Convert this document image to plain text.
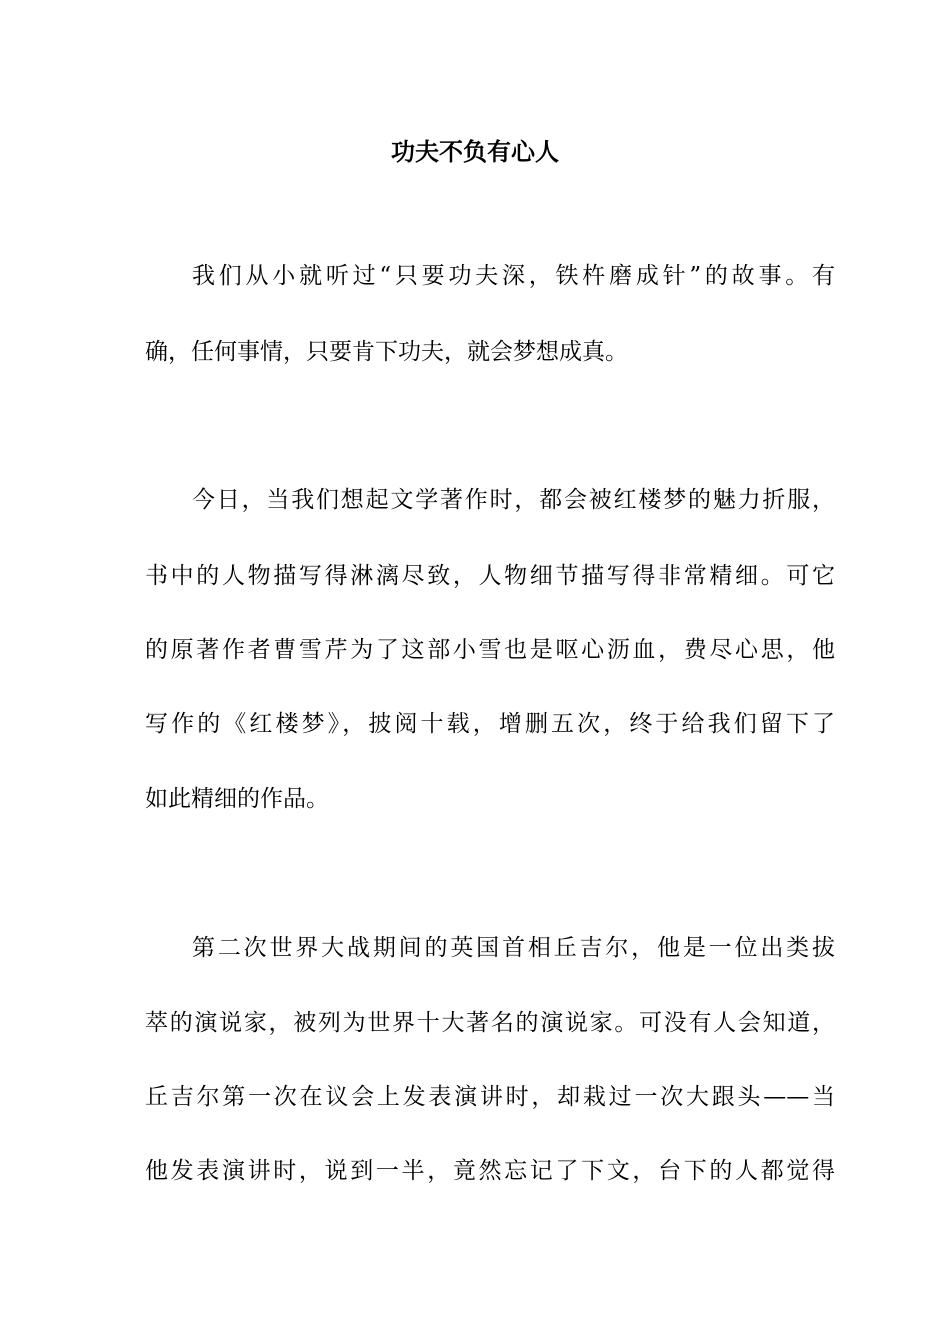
功夫不负有心人
我们从小就听过“只要功夫深，铁杵磨成针”的故事。有
确，任何事情，只要肯下功夫，就会梦想成真。
今日，当我们想起文学著作时，都会被红楼梦的魅力折服，
书中的人物描写得淋漓尽致，人物细节描写得非常精细。可它
的原著作者曹雪芹为了这部小雪也是呕心沥血，费尽心思，他
写作的《红楼梦》，披阅十载，增删五次，终于给我们留下了
如此精细的作品。
第二次世界大战期间的英国首相丘吉尔，他是一位出类拔
萃的演说家，被列为世界十大著名的演说家。可没有人会知道，
丘吉尔第一次在议会上发表演讲时，却栽过一次大跟头——当
他发表演讲时，说到一半，竟然忘记了下文，台下的人都觉得
